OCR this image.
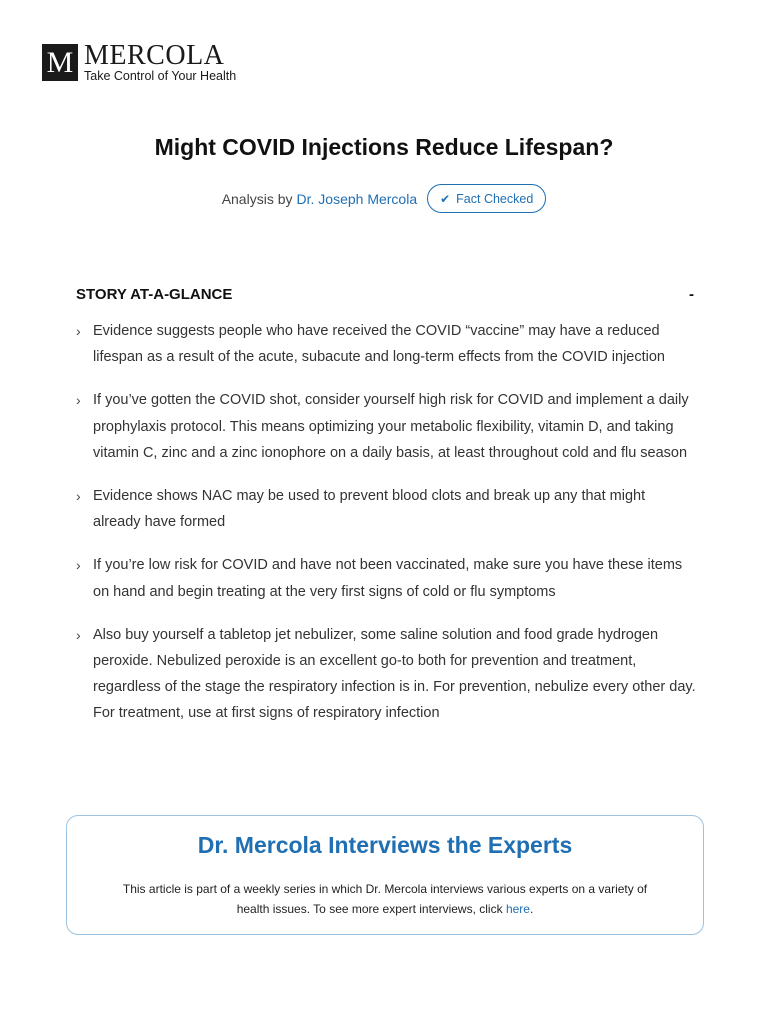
M MERCOLA
Take Control of Your Health
Might COVID Injections Reduce Lifespan?
Analysis by Dr. Joseph Mercola ✔ Fact Checked
STORY AT-A-GLANCE	-
› Evidence suggests people who have received the COVID “vaccine” may have a reduced lifespan as a result of the acute, subacute and long-term effects from the COVID injection
› If you’ve gotten the COVID shot, consider yourself high risk for COVID and implement a daily prophylaxis protocol. This means optimizing your metabolic flexibility, vitamin D, and taking vitamin C, zinc and a zinc ionophore on a daily basis, at least throughout cold and flu season
› Evidence shows NAC may be used to prevent blood clots and break up any that might already have formed
› If you’re low risk for COVID and have not been vaccinated, make sure you have these items on hand and begin treating at the very first signs of cold or flu symptoms
› Also buy yourself a tabletop jet nebulizer, some saline solution and food grade hydrogen peroxide. Nebulized peroxide is an excellent go-to both for prevention and treatment, regardless of the stage the respiratory infection is in. For prevention, nebulize every other day. For treatment, use at first signs of respiratory infection
Dr. Mercola Interviews the Experts

This article is part of a weekly series in which Dr. Mercola interviews various experts on a variety of health issues. To see more expert interviews, click here.
